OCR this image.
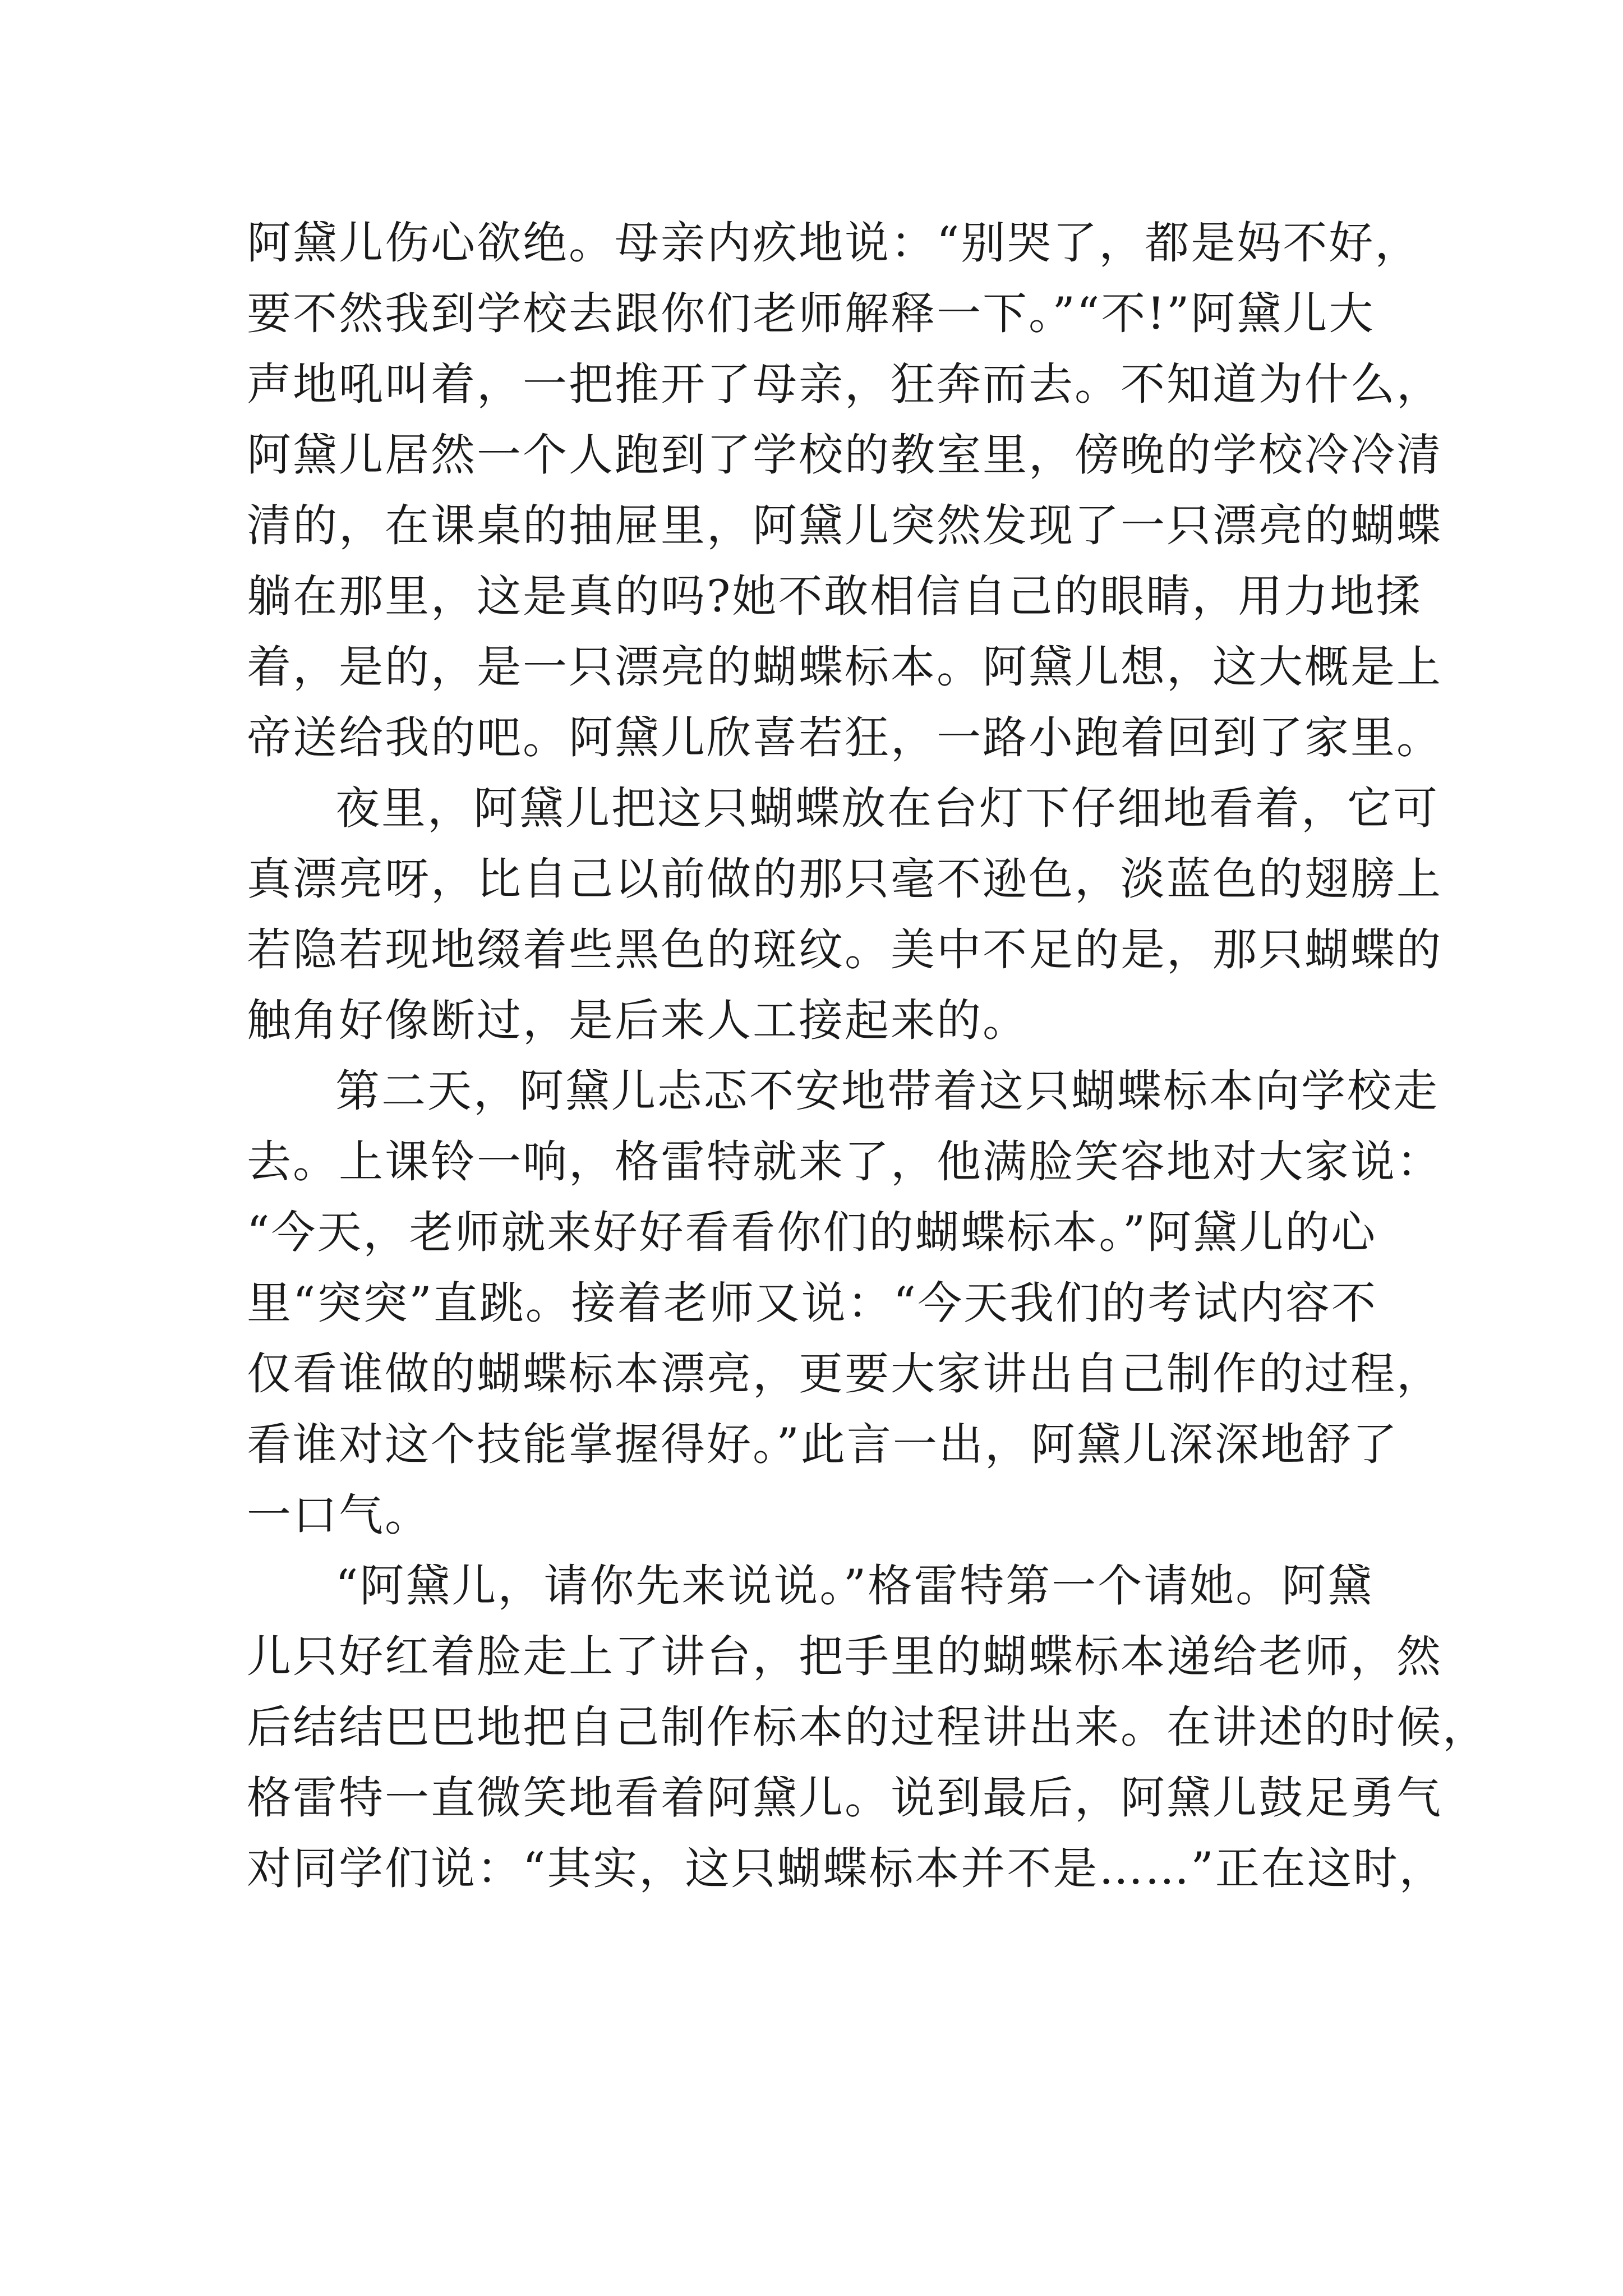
阿黛儿伤心欲绝。母亲内疚地说：“别哭了，都是妈不好，
要不然我到学校去跟你们老师解释一下。”“不!”阿黛儿大
声地吼叫着，一把推开了母亲，狂奔而去。不知道为什么，
阿黛儿居然一个人跑到了学校的教室里，傍晚的学校冷冷清
清的，在课桌的抽屉里，阿黛儿突然发现了一只漂亮的蝴蝶
躺在那里，这是真的吗?她不敢相信自己的眼睛，用力地揉
着，是的，是一只漂亮的蝴蝶标本。阿黛儿想，这大概是上
帝送给我的吧。阿黛儿欣喜若狂，一路小跑着回到了家里。
夜里，阿黛儿把这只蝴蝶放在台灯下仔细地看着，它可
真漂亮呀，比自己以前做的那只毫不逊色，淡蓝色的翅膀上
若隐若现地缀着些黑色的斑纹。美中不足的是，那只蝴蝶的
触角好像断过，是后来人工接起来的。
第二天，阿黛儿忐忑不安地带着这只蝴蝶标本向学校走
去。上课铃一响，格雷特就来了，他满脸笑容地对大家说：
“今天，老师就来好好看看你们的蝴蝶标本。”阿黛儿的心
里“突突”直跳。接着老师又说：“今天我们的考试内容不
仅看谁做的蝴蝶标本漂亮，更要大家讲出自己制作的过程，
看谁对这个技能掌握得好。”此言一出，阿黛儿深深地舒了
一口气。
“阿黛儿，请你先来说说。”格雷特第一个请她。阿黛
儿只好红着脸走上了讲台，把手里的蝴蝶标本递给老师，然
后结结巴巴地把自己制作标本的过程讲出来。在讲述的时候，
格雷特一直微笑地看着阿黛儿。说到最后，阿黛儿鼓足勇气
对同学们说：“其实，这只蝴蝶标本并不是……”正在这时，
